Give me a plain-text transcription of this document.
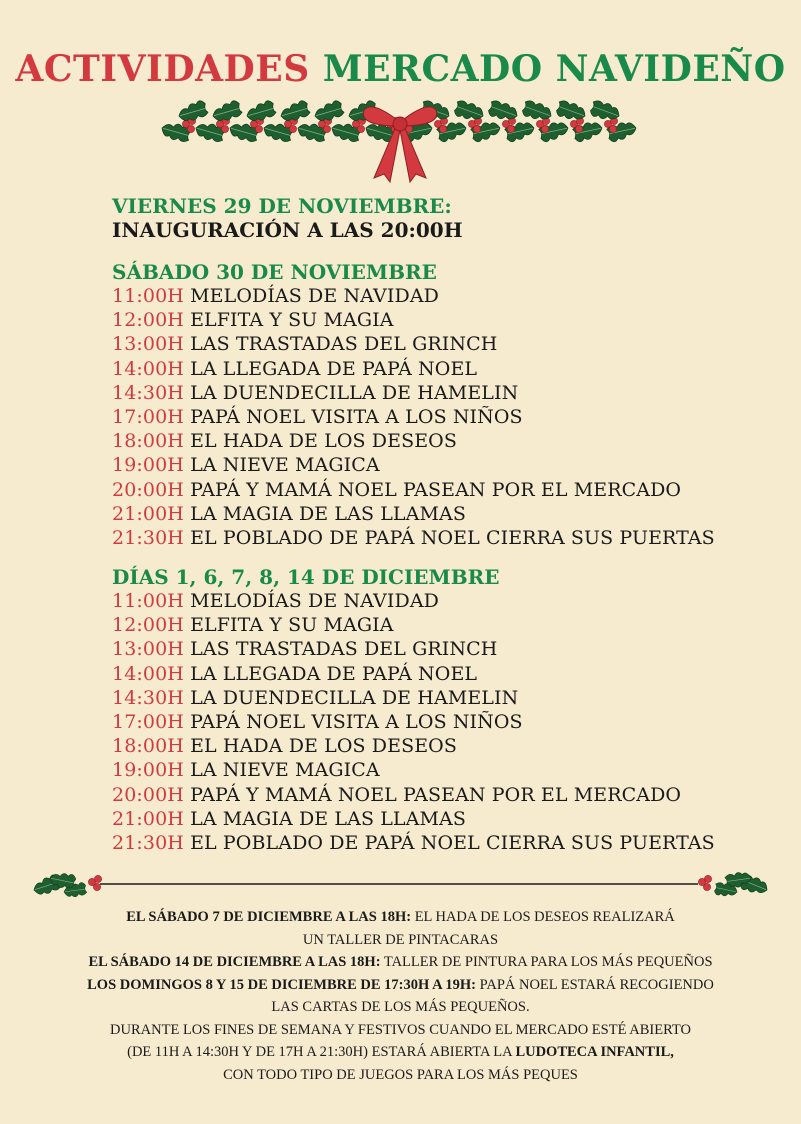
ACTIVIDADES MERCADO NAVIDEÑO
VIERNES 29 DE NOVIEMBRE:
INAUGURACIÓN A LAS 20:00H
SÁBADO 30 DE NOVIEMBRE
11:00H MELODÍAS DE NAVIDAD
12:00H ELFITA Y SU MAGIA
13:00H LAS TRASTADAS DEL GRINCH
14:00H LA LLEGADA DE PAPÁ NOEL
14:30H LA DUENDECILLA DE HAMELIN
17:00H PAPÁ NOEL VISITA A LOS NIÑOS
18:00H EL HADA DE LOS DESEOS
19:00H LA NIEVE MAGICA
20:00H PAPÁ Y MAMÁ NOEL PASEAN POR EL MERCADO
21:00H LA MAGIA DE LAS LLAMAS
21:30H EL POBLADO DE PAPÁ NOEL CIERRA SUS PUERTAS
DÍAS 1, 6, 7, 8, 14 DE DICIEMBRE
11:00H MELODÍAS DE NAVIDAD
12:00H ELFITA Y SU MAGIA
13:00H LAS TRASTADAS DEL GRINCH
14:00H LA LLEGADA DE PAPÁ NOEL
14:30H LA DUENDECILLA DE HAMELIN
17:00H PAPÁ NOEL VISITA A LOS NIÑOS
18:00H EL HADA DE LOS DESEOS
19:00H LA NIEVE MAGICA
20:00H PAPÁ Y MAMÁ NOEL PASEAN POR EL MERCADO
21:00H LA MAGIA DE LAS LLAMAS
21:30H EL POBLADO DE PAPÁ NOEL CIERRA SUS PUERTAS

EL SÁBADO 7 DE DICIEMBRE A LAS 18H: EL HADA DE LOS DESEOS REALIZARÁ

UN TALLER DE PINTACARAS

EL SÁBADO 14 DE DICIEMBRE A LAS 18H: TALLER DE PINTURA PARA LOS MÁS PEQUEÑOS

LOS DOMINGOS 8 Y 15 DE DICIEMBRE DE 17:30H A 19H: PAPÁ NOEL ESTARÁ RECOGIENDO

LAS CARTAS DE LOS MÁS PEQUEÑOS.

DURANTE LOS FINES DE SEMANA Y FESTIVOS CUANDO EL MERCADO ESTÉ ABIERTO

(DE 11H A 14:30H Y DE 17H A 21:30H) ESTARÁ ABIERTA LA LUDOTECA INFANTIL,

CON TODO TIPO DE JUEGOS PARA LOS MÁS PEQUES
